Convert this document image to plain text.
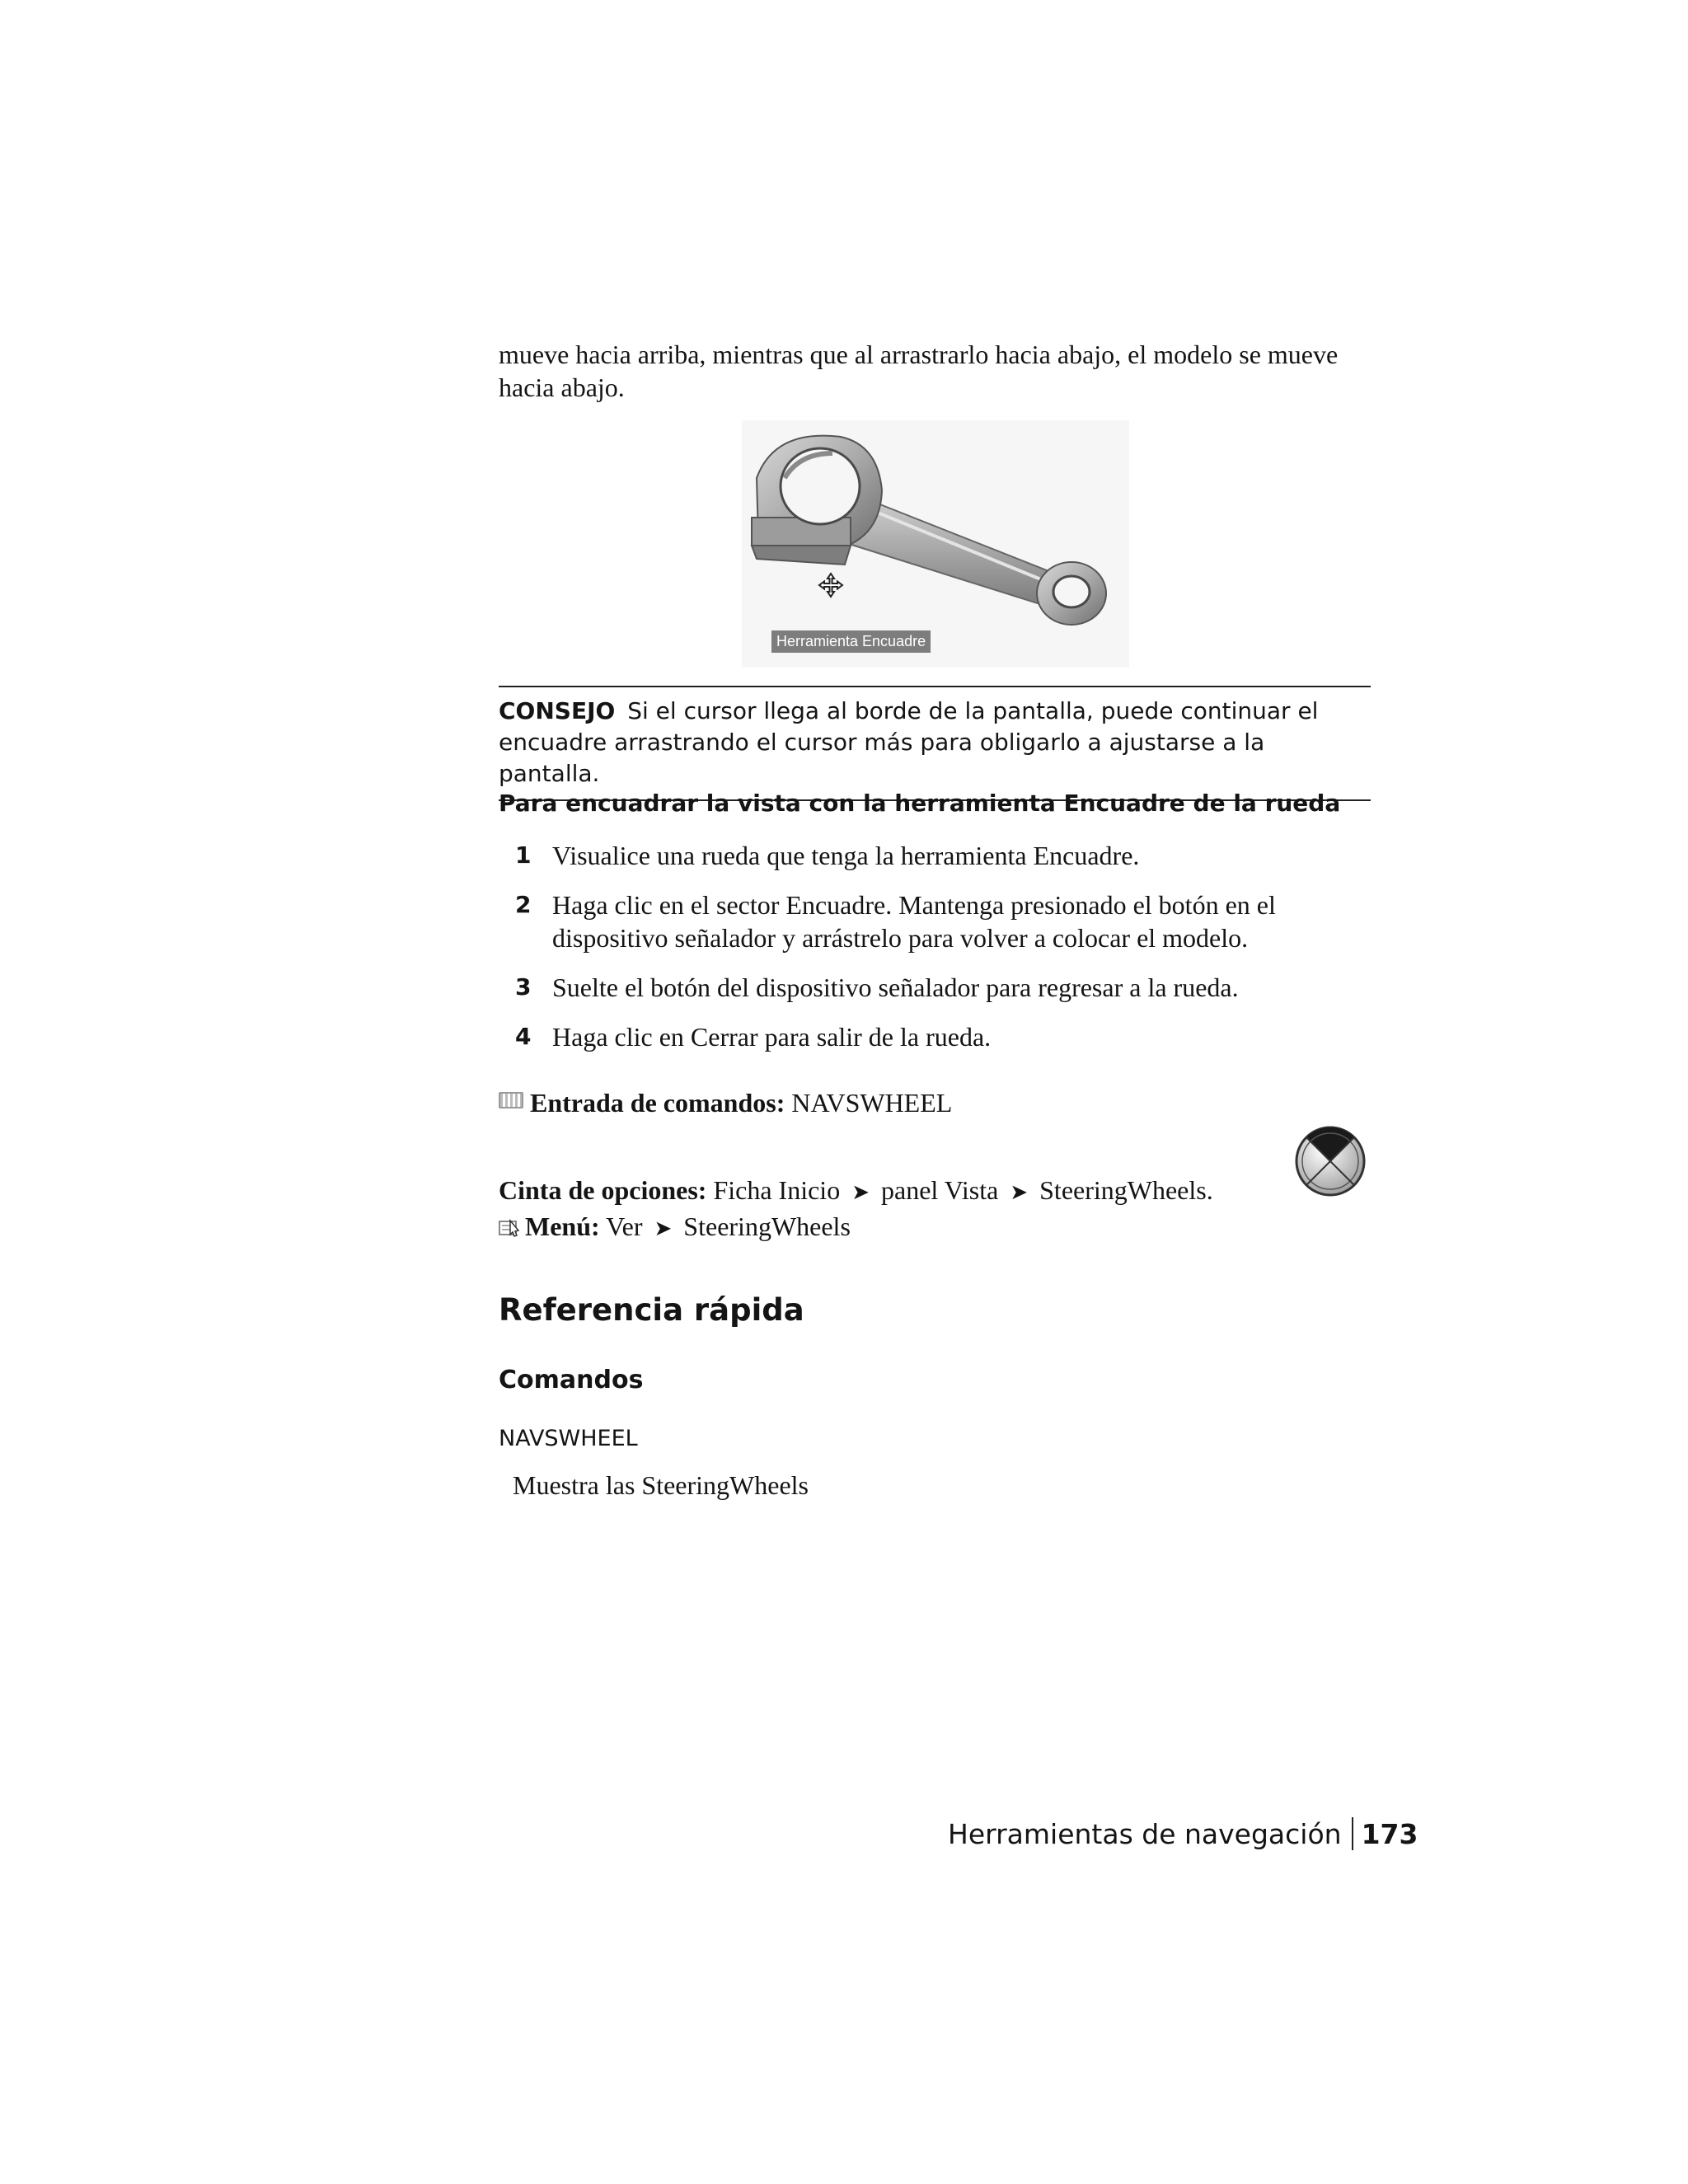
mueve hacia arriba, mientras que al arrastrarlo hacia abajo, el modelo se mueve hacia abajo.
Herramienta Encuadre
CONSEJO Si el cursor llega al borde de la pantalla, puede continuar el encuadre arrastrando el cursor más para obligarlo a ajustarse a la pantalla.
Para encuadrar la vista con la herramienta Encuadre de la rueda
1 Visualice una rueda que tenga la herramienta Encuadre.
2 Haga clic en el sector Encuadre. Mantenga presionado el botón en el dispositivo señalador y arrástrelo para volver a colocar el modelo.
3 Suelte el botón del dispositivo señalador para regresar a la rueda.
4 Haga clic en Cerrar para salir de la rueda.
Entrada de comandos: NAVSWHEEL
Cinta de opciones: Ficha Inicio ➤ panel Vista ➤ SteeringWheels.
Menú: Ver ➤ SteeringWheels
Referencia rápida
Comandos
NAVSWHEEL
Muestra las SteeringWheels
Herramientas de navegación 173
